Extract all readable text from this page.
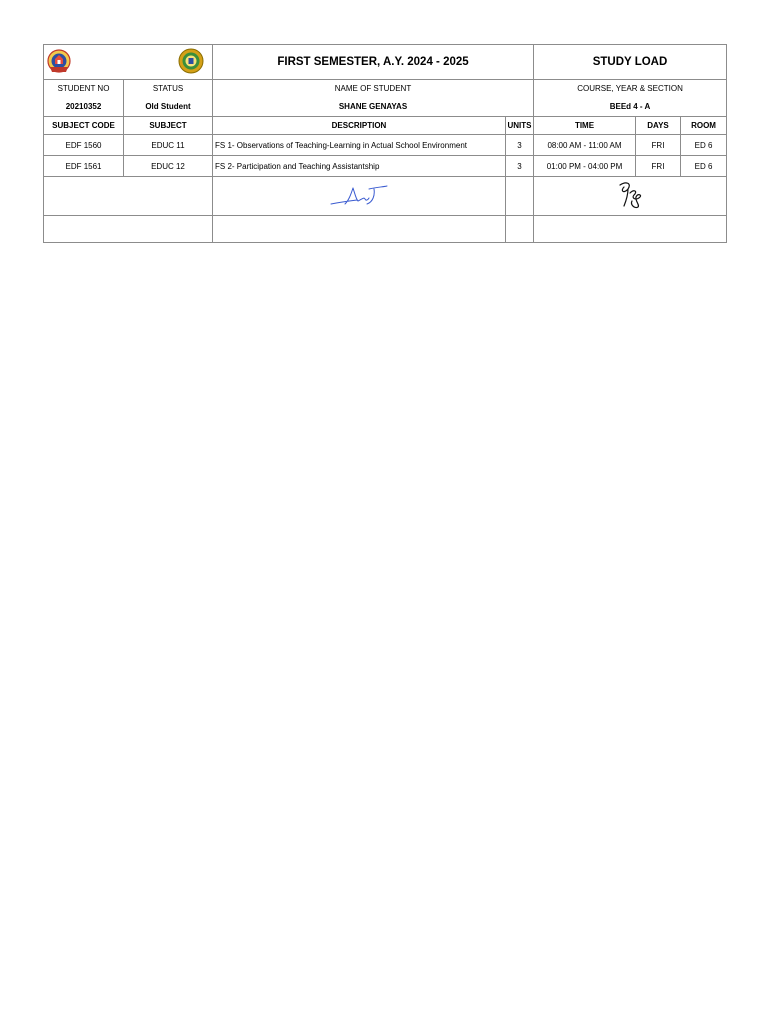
	FIRST SEMESTER, A.Y. 2024 - 2025		STUDY LOAD		
STUDENT NO	STATUS	NAME OF STUDENT		COURSE, YEAR & SECTION		
20210352	Old Student	SHANE GENAYAS		BEEd 4 - A		
SUBJECT CODE	SUBJECT	DESCRIPTION	UNITS	TIME	DAYS	ROOM
EDF 1560	EDUC 11	FS 1- Observations of Teaching-Learning in Actual School Environment	3	08:00 AM - 11:00 AM	FRI	ED 6
EDF 1561	EDUC 12	FS 2- Participation and Teaching Assistantship	3	01:00 PM - 04:00 PM	FRI	ED 6
